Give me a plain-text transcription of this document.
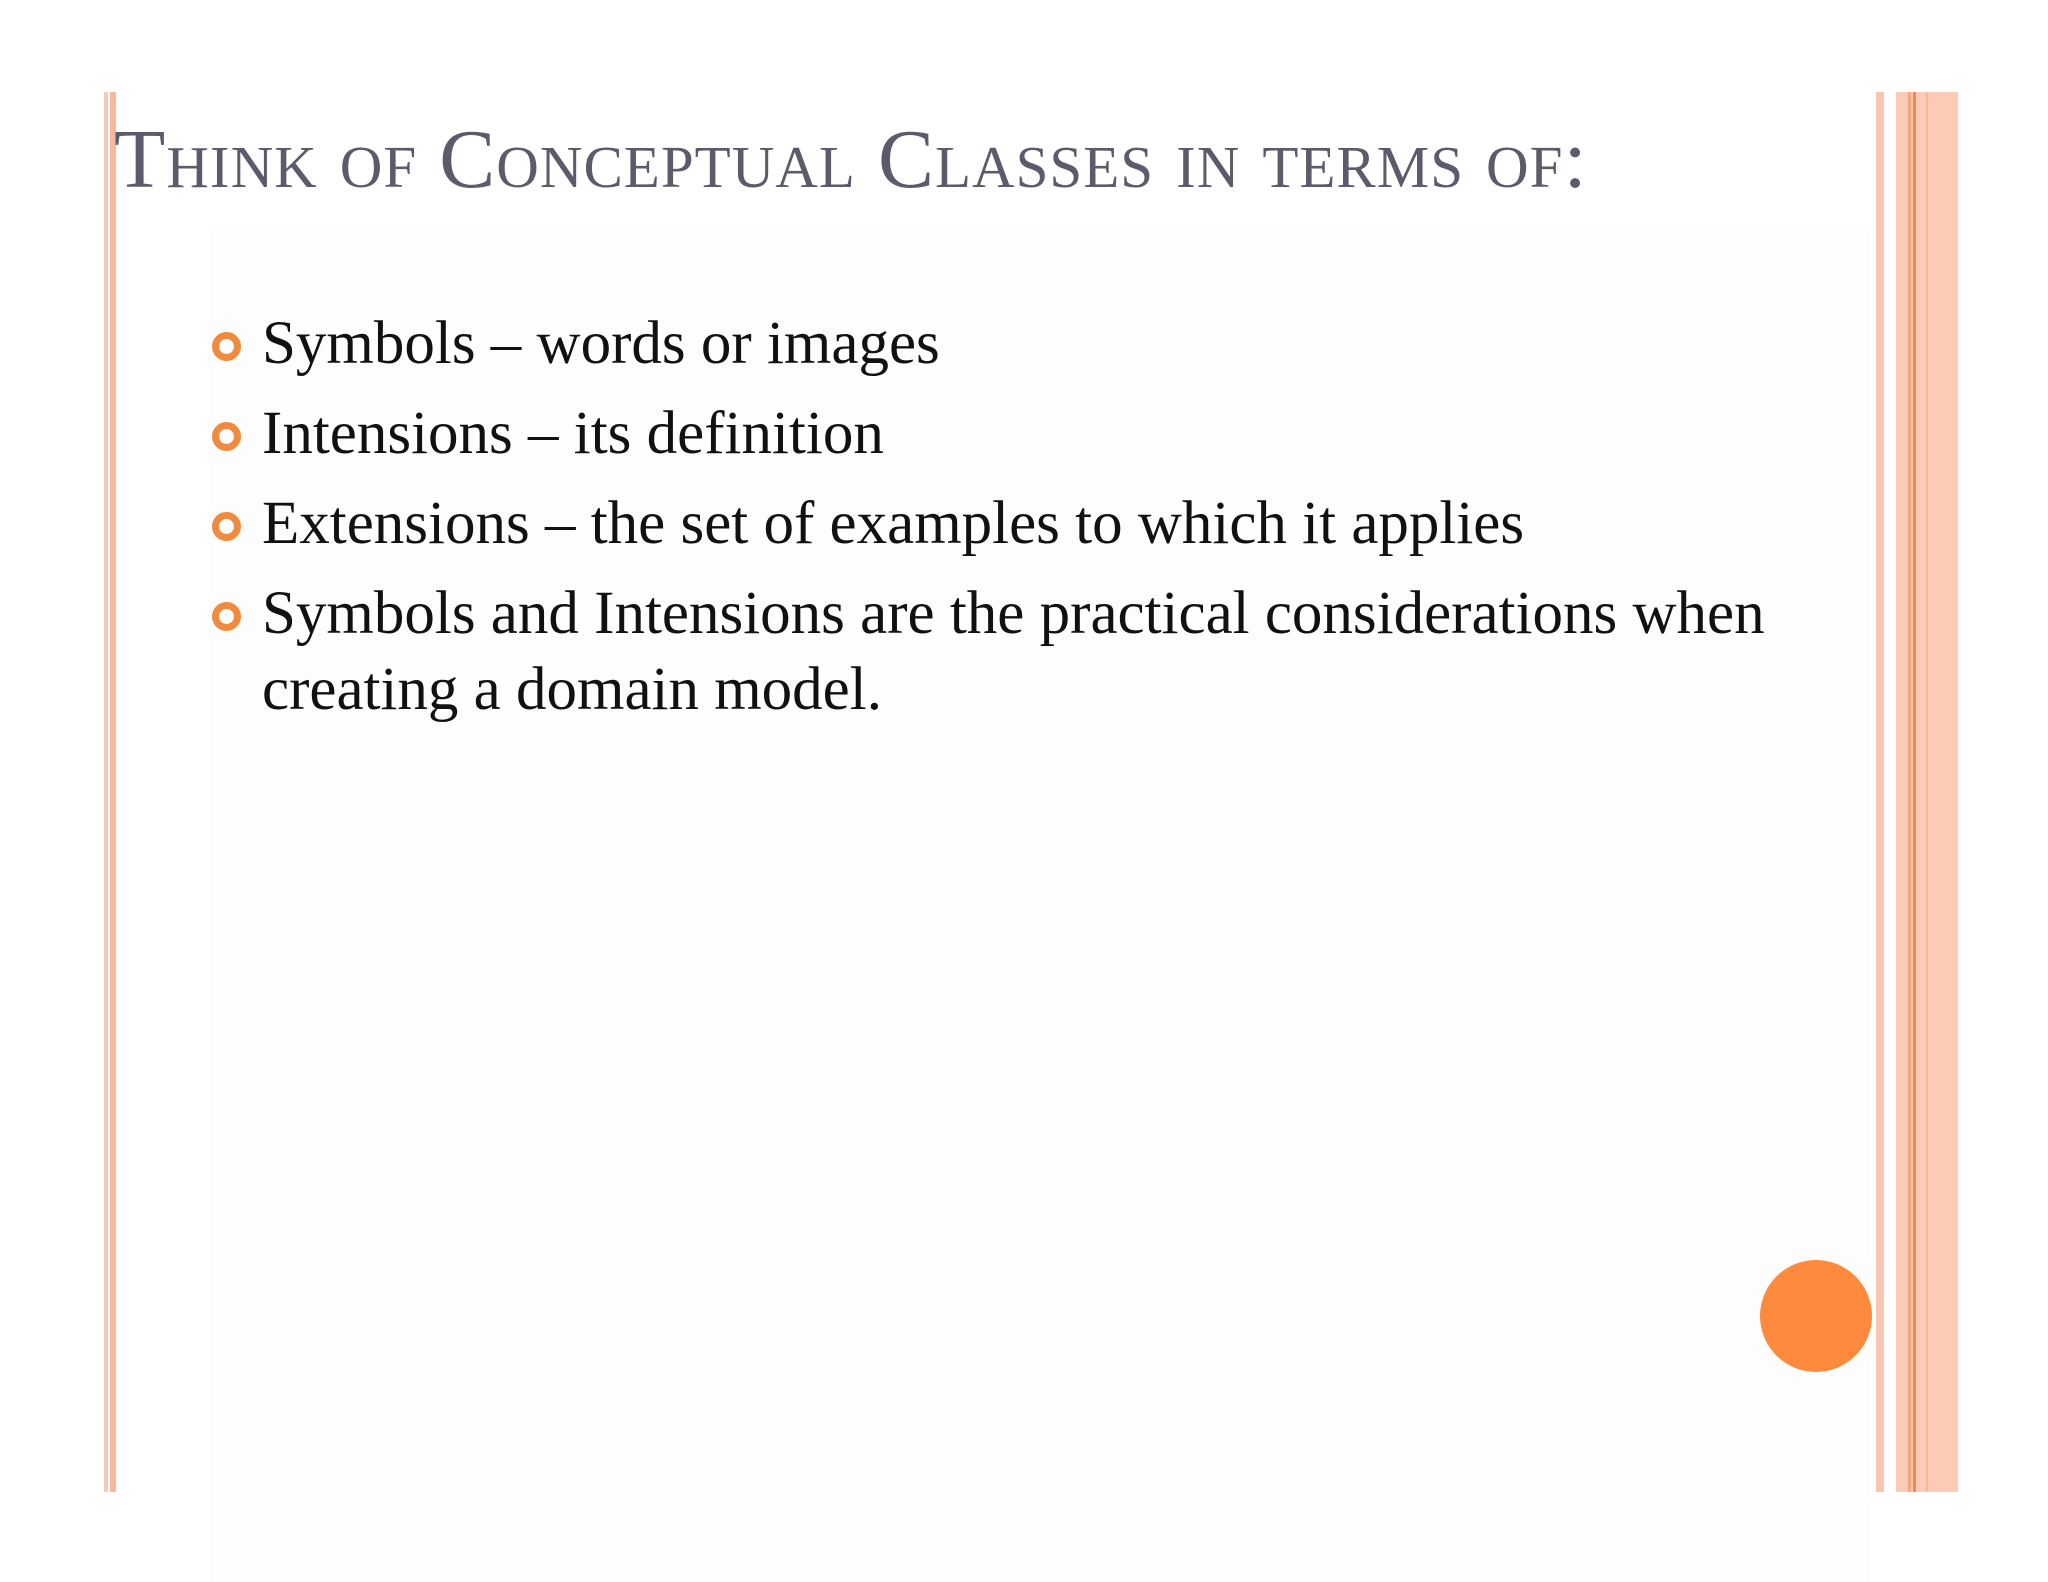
Think of Conceptual Classes in terms of:
Symbols – words or images
Intensions – its definition
Extensions – the set of examples to which it applies
Symbols and Intensions are the practical considerations when creating a domain model.
